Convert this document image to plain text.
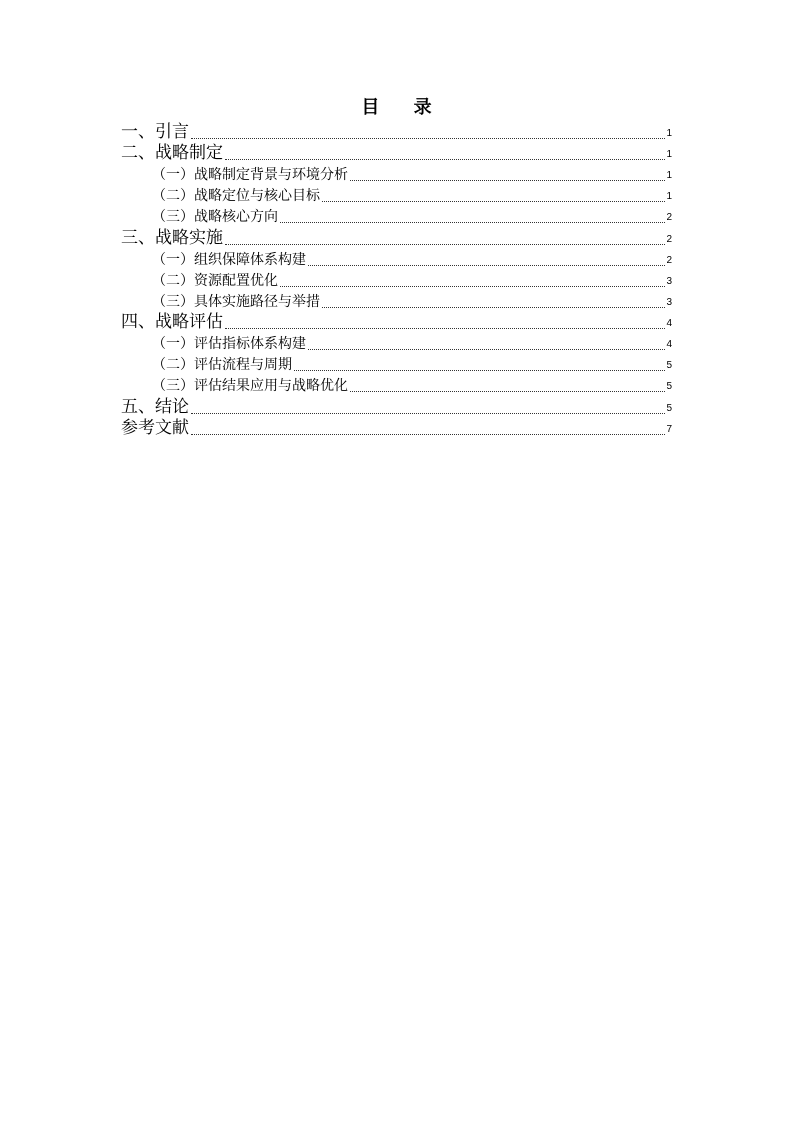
目 录
一、引言	1
二、战略制定	1
（一）战略制定背景与环境分析	1
（二）战略定位与核心目标	1
（三）战略核心方向	2
三、战略实施	2
（一）组织保障体系构建	2
（二）资源配置优化	3
（三）具体实施路径与举措	3
四、战略评估	4
（一）评估指标体系构建	4
（二）评估流程与周期	5
（三）评估结果应用与战略优化	5
五、结论	5
参考文献	7
